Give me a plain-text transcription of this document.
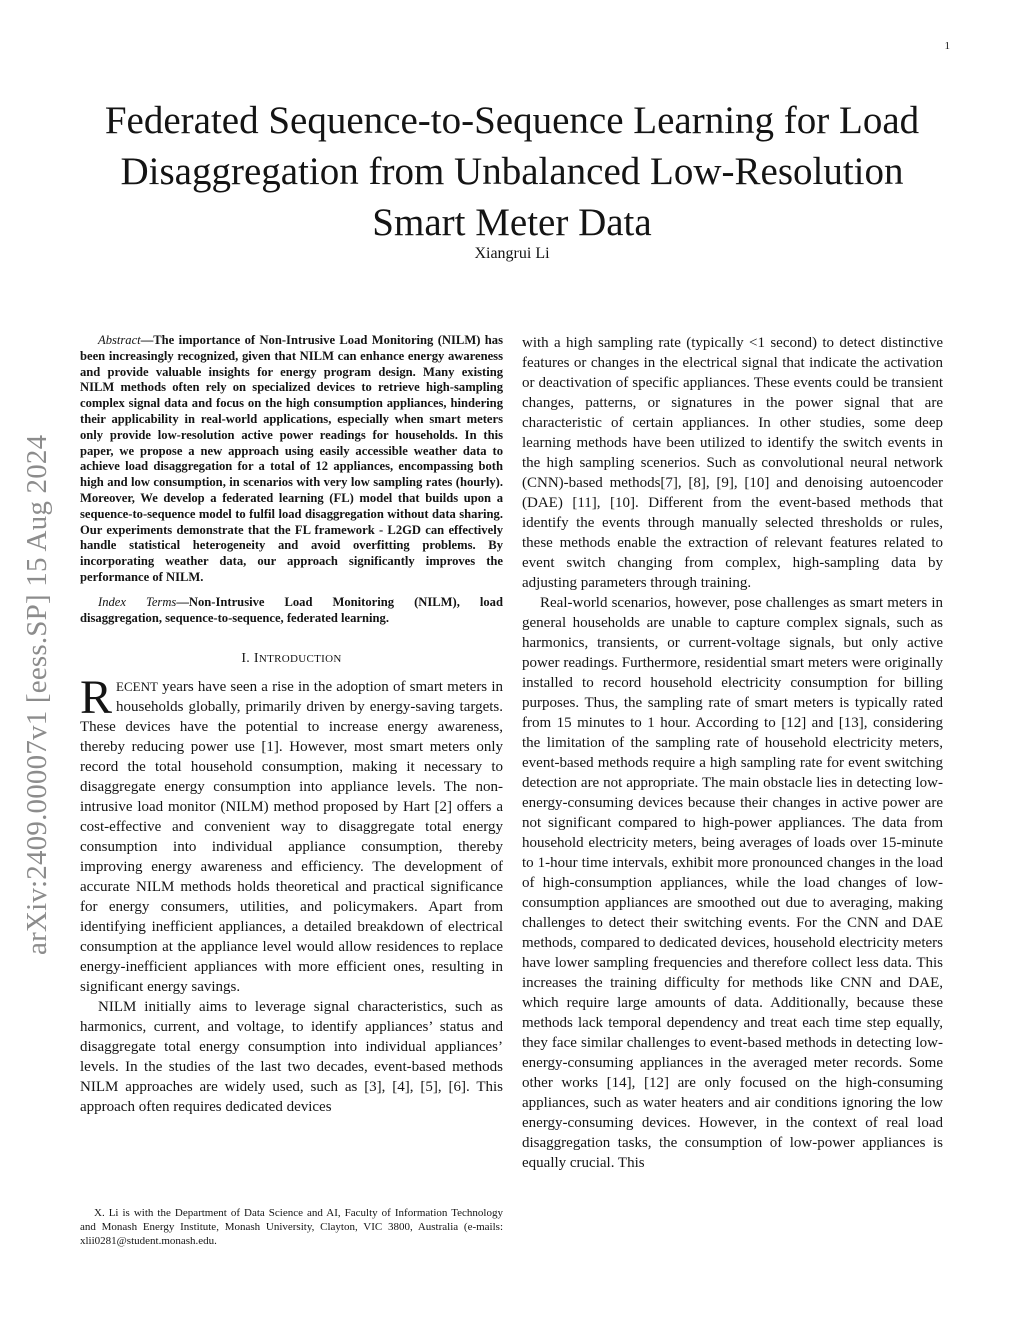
1
arXiv:2409.00007v1 [eess.SP] 15 Aug 2024
Federated Sequence-to-Sequence Learning for Load Disaggregation from Unbalanced Low-Resolution Smart Meter Data
Xiangrui Li

Abstract—The importance of Non-Intrusive Load Monitoring (NILM) has been increasingly recognized, given that NILM can enhance energy awareness and provide valuable insights for energy program design. Many existing NILM methods often rely on specialized devices to retrieve high-sampling complex signal data and focus on the high consumption appliances, hindering their applicability in real-world applications, especially when smart meters only provide low-resolution active power readings for households. In this paper, we propose a new approach using easily accessible weather data to achieve load disaggregation for a total of 12 appliances, encompassing both high and low consumption, in scenarios with very low sampling rates (hourly). Moreover, We develop a federated learning (FL) model that builds upon a sequence-to-sequence model to fulfil load disaggregation without data sharing. Our experiments demonstrate that the FL framework - L2GD can effectively handle statistical heterogeneity and avoid overfitting problems. By incorporating weather data, our approach significantly improves the performance of NILM.

Index Terms—Non-Intrusive Load Monitoring (NILM), load disaggregation, sequence-to-sequence, federated learning.

I. INTRODUCTION

RECENT years have seen a rise in the adoption of smart meters in households globally, primarily driven by energy-saving targets. These devices have the potential to increase energy awareness, thereby reducing power use [1]. However, most smart meters only record the total household consumption, making it necessary to disaggregate energy consumption into appliance levels. The non-intrusive load monitor (NILM) method proposed by Hart [2] offers a cost-effective and convenient way to disaggregate total energy consumption into individual appliance consumption, thereby improving energy awareness and efficiency. The development of accurate NILM methods holds theoretical and practical significance for energy consumers, utilities, and policymakers. Apart from identifying inefficient appliances, a detailed breakdown of electrical consumption at the appliance level would allow residences to replace energy-inefficient appliances with more efficient ones, resulting in significant energy savings.

NILM initially aims to leverage signal characteristics, such as harmonics, current, and voltage, to identify appliances’ status and disaggregate total energy consumption into individual appliances’ levels. In the studies of the last two decades, event-based methods NILM approaches are widely used, such as [3], [4], [5], [6]. This approach often requires dedicated devices

X. Li is with the Department of Data Science and AI, Faculty of Information Technology and Monash Energy Institute, Monash University, Clayton, VIC 3800, Australia (e-mails: xlii0281@student.monash.edu.

with a high sampling rate (typically <1 second) to detect distinctive features or changes in the electrical signal that indicate the activation or deactivation of specific appliances. These events could be transient changes, patterns, or signatures in the power signal that are characteristic of certain appliances. In other studies, some deep learning methods have been utilized to identify the switch events in the high sampling scenerios. Such as convolutional neural network (CNN)-based methods[7], [8], [9], [10] and denoising autoencoder (DAE) [11], [10]. Different from the event-based methods that identify the events through manually selected thresholds or rules, these methods enable the extraction of relevant features related to event switch changing from complex, high-sampling data by adjusting parameters through training.

Real-world scenarios, however, pose challenges as smart meters in general households are unable to capture complex signals, such as harmonics, transients, or current-voltage signals, but only active power readings. Furthermore, residential smart meters were originally installed to record household electricity consumption for billing purposes. Thus, the sampling rate of smart meters is typically rated from 15 minutes to 1 hour. According to [12] and [13], considering the limitation of the sampling rate of household electricity meters, event-based methods require a high sampling rate for event switching detection are not appropriate. The main obstacle lies in detecting low-energy-consuming devices because their changes in active power are not significant compared to high-power appliances. The data from household electricity meters, being averages of loads over 15-minute to 1-hour time intervals, exhibit more pronounced changes in the load of high-consumption appliances, while the load changes of low-consumption appliances are smoothed out due to averaging, making challenges to detect their switching events. For the CNN and DAE methods, compared to dedicated devices, household electricity meters have lower sampling frequencies and therefore collect less data. This increases the training difficulty for methods like CNN and DAE, which require large amounts of data. Additionally, because these methods lack temporal dependency and treat each time step equally, they face similar challenges to event-based methods in detecting low-energy-consuming appliances in the averaged meter records. Some other works [14], [12] are only focused on the high-consuming appliances, such as water heaters and air conditions ignoring the low energy-consuming devices. However, in the context of real load disaggregation tasks, the consumption of low-power appliances is equally crucial. This
